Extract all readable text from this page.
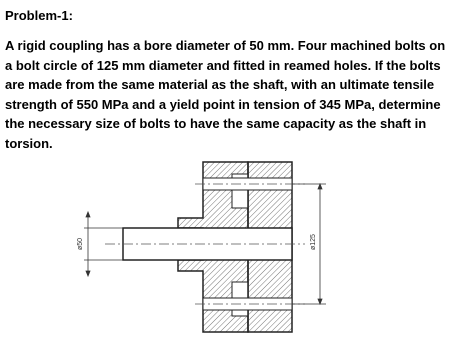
Problem-1:
A rigid coupling has a bore diameter of 50 mm. Four machined bolts on a bolt circle of 125 mm diameter and fitted in reamed holes. If the bolts are made from the same material as the shaft, with an ultimate tensile strength of 550 MPa and a yield point in tension of 345 MPa, determine the necessary size of bolts to have the same capacity as the shaft in torsion.
ø50	ø125
